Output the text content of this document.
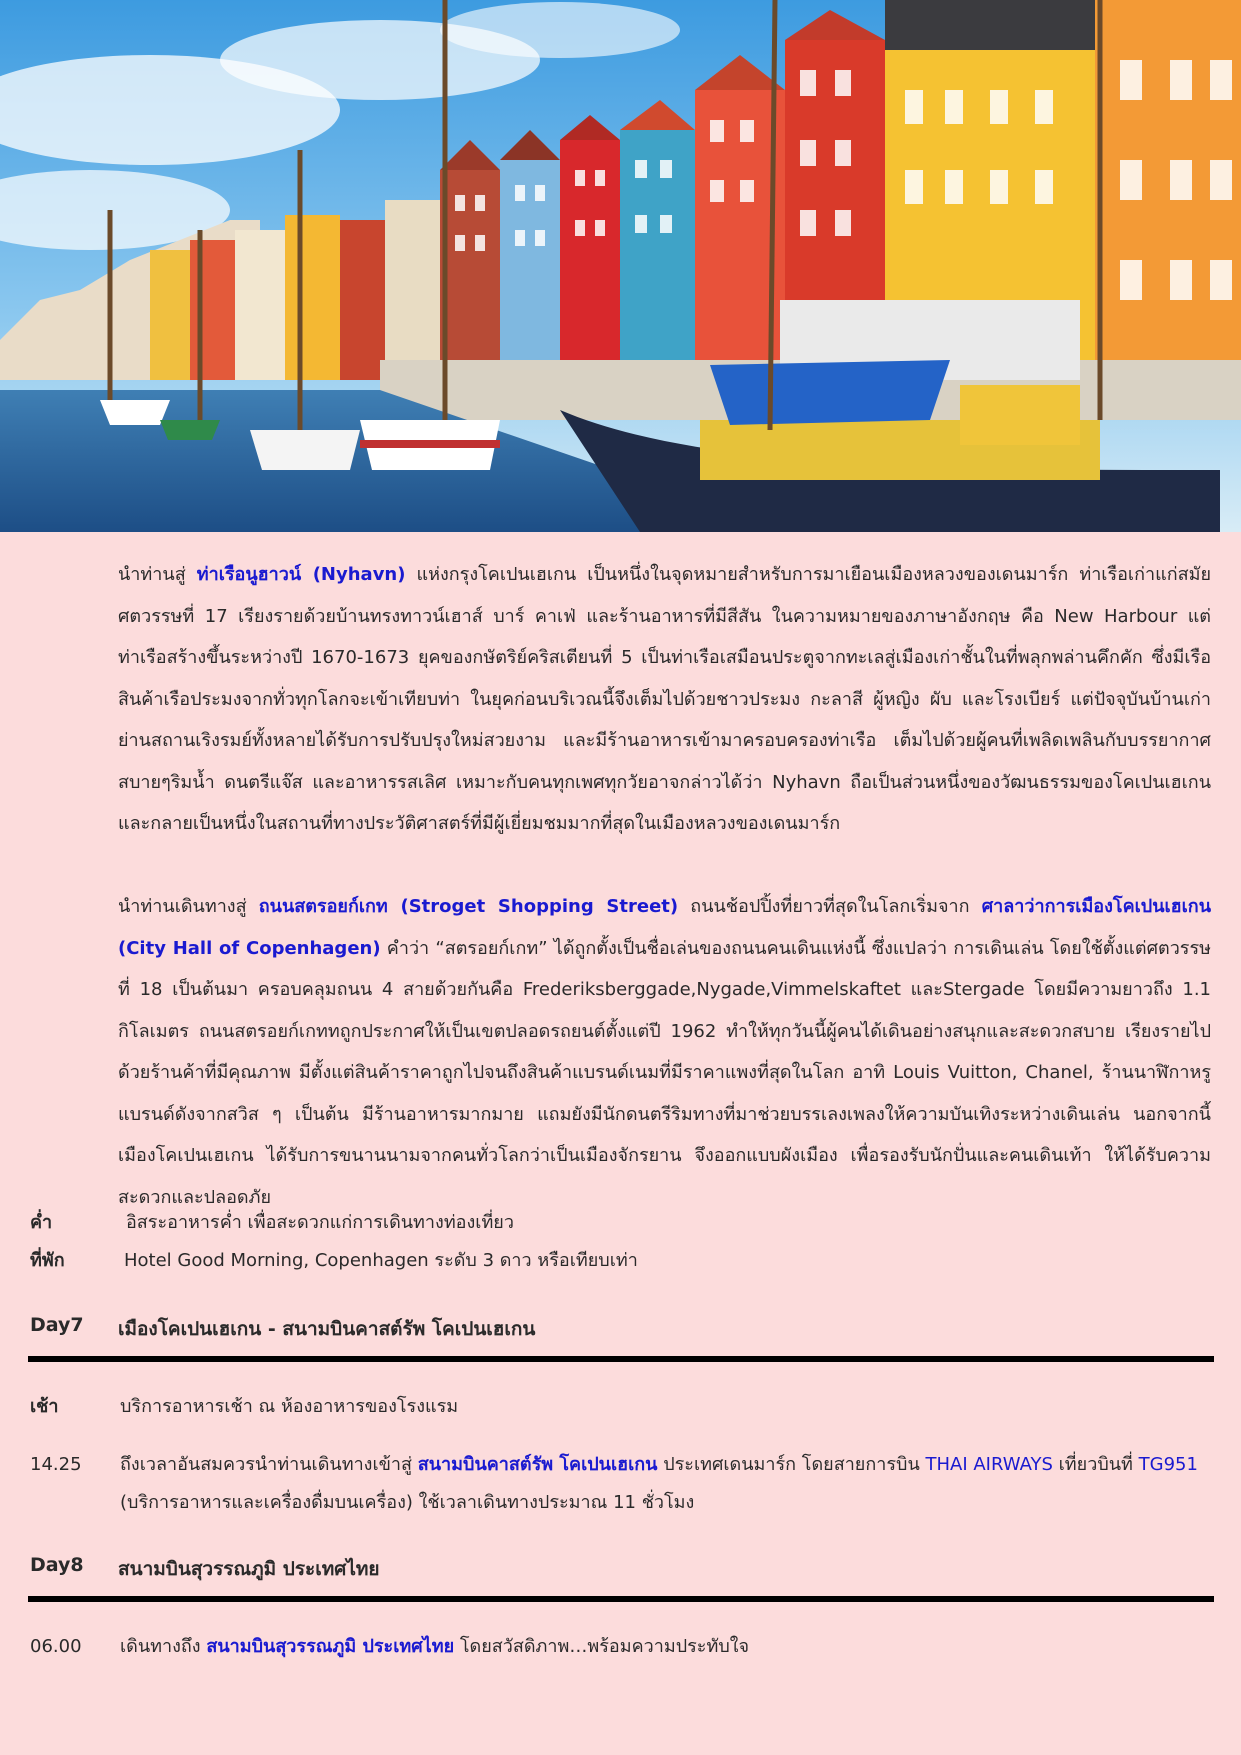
นำท่านสู่ ท่าเรือนูฮาวน์ (Nyhavn) แห่งกรุงโคเปนเฮเกน เป็นหนึ่งในจุดหมายสำหรับการมาเยือนเมืองหลวงของเดนมาร์ก ท่าเรือเก่าแก่สมัยศตวรรษที่ 17 เรียงรายด้วยบ้านทรงทาวน์เฮาส์ บาร์ คาเฟ่ และร้านอาหารที่มีสีสัน ในความหมายของภาษาอังกฤษ คือ New Harbour แต่ท่าเรือสร้างขึ้นระหว่างปี 1670-1673 ยุคของกษัตริย์คริสเตียนที่ 5 เป็นท่าเรือเสมือนประตูจากทะเลสู่เมืองเก่าชั้นในที่พลุกพล่านคึกคัก ซึ่งมีเรือสินค้าเรือประมงจากทั่วทุกโลกจะเข้าเทียบท่า ในยุคก่อนบริเวณนี้จึงเต็มไปด้วยชาวประมง กะลาสี ผู้หญิง ผับ และโรงเบียร์ แต่ปัจจุบันบ้านเก่าย่านสถานเริงรมย์ทั้งหลายได้รับการปรับปรุงใหม่สวยงาม และมีร้านอาหารเข้ามาครอบครองท่าเรือ เต็มไปด้วยผู้คนที่เพลิดเพลินกับบรรยากาศสบายๆริมน้ำ ดนตรีแจ๊ส และอาหารรสเลิศ เหมาะกับคนทุกเพศทุกวัยอาจกล่าวได้ว่า Nyhavn ถือเป็นส่วนหนึ่งของวัฒนธรรมของโคเปนเฮเกน และกลายเป็นหนึ่งในสถานที่ทางประวัติศาสตร์ที่มีผู้เยี่ยมชมมากที่สุดในเมืองหลวงของเดนมาร์ก

นำท่านเดินทางสู่ ถนนสตรอยก์เกท (Stroget Shopping Street) ถนนช้อปปิ้งที่ยาวที่สุดในโลกเริ่มจาก ศาลาว่าการเมืองโคเปนเฮเกน (City Hall of Copenhagen) คำว่า “สตรอยก์เกท” ได้ถูกตั้งเป็นชื่อเล่นของถนนคนเดินแห่งนี้ ซึ่งแปลว่า การเดินเล่น โดยใช้ตั้งแต่ศตวรรษที่ 18 เป็นต้นมา ครอบคลุมถนน 4 สายด้วยกันคือ Frederiksberggade,Nygade,Vimmelskaftet และStergade โดยมีความยาวถึง 1.1 กิโลเมตร ถนนสตรอยก์เกททถูกประกาศให้เป็นเขตปลอดรถยนต์ตั้งแต่ปี 1962 ทำให้ทุกวันนี้ผู้คนได้เดินอย่างสนุกและสะดวกสบาย เรียงรายไปด้วยร้านค้าที่มีคุณภาพ มีตั้งแต่สินค้าราคาถูกไปจนถึงสินค้าแบรนด์เนมที่มีราคาแพงที่สุดในโลก อาทิ Louis Vuitton, Chanel, ร้านนาฬิกาหรูแบรนด์ดังจากสวิส ๆ เป็นต้น มีร้านอาหารมากมาย แถมยังมีนักดนตรีริมทางที่มาช่วยบรรเลงเพลงให้ความบันเทิงระหว่างเดินเล่น นอกจากนี้เมืองโคเปนเฮเกน ได้รับการขนานนามจากคนทั่วโลกว่าเป็นเมืองจักรยาน จึงออกแบบผังเมือง เพื่อรองรับนักปั่นและคนเดินเท้า ให้ได้รับความสะดวกและปลอดภัย

ค่ำ	อิสระอาหารค่ำ เพื่อสะดวกแก่การเดินทางท่องเที่ยว
ที่พัก	Hotel Good Morning, Copenhagen ระดับ 3 ดาว หรือเทียบเท่า
Day7 เมืองโคเปนเฮเกน - สนามบินคาสต์รัพ โคเปนเฮเกน
เช้า	บริการอาหารเช้า ณ ห้องอาหารของโรงแรม
14.25 ถึงเวลาอันสมควรนำท่านเดินทางเข้าสู่ สนามบินคาสต์รัพ โคเปนเฮเกน ประเทศเดนมาร์ก โดยสายการบิน THAI AIRWAYS เที่ยวบินที่ TG951
(บริการอาหารและเครื่องดื่มบนเครื่อง) ใช้เวลาเดินทางประมาณ 11 ชั่วโมง
Day8 สนามบินสุวรรณภูมิ ประเทศไทย
06.00 เดินทางถึง สนามบินสุวรรณภูมิ ประเทศไทย โดยสวัสดิภาพ…พร้อมความประทับใจ
